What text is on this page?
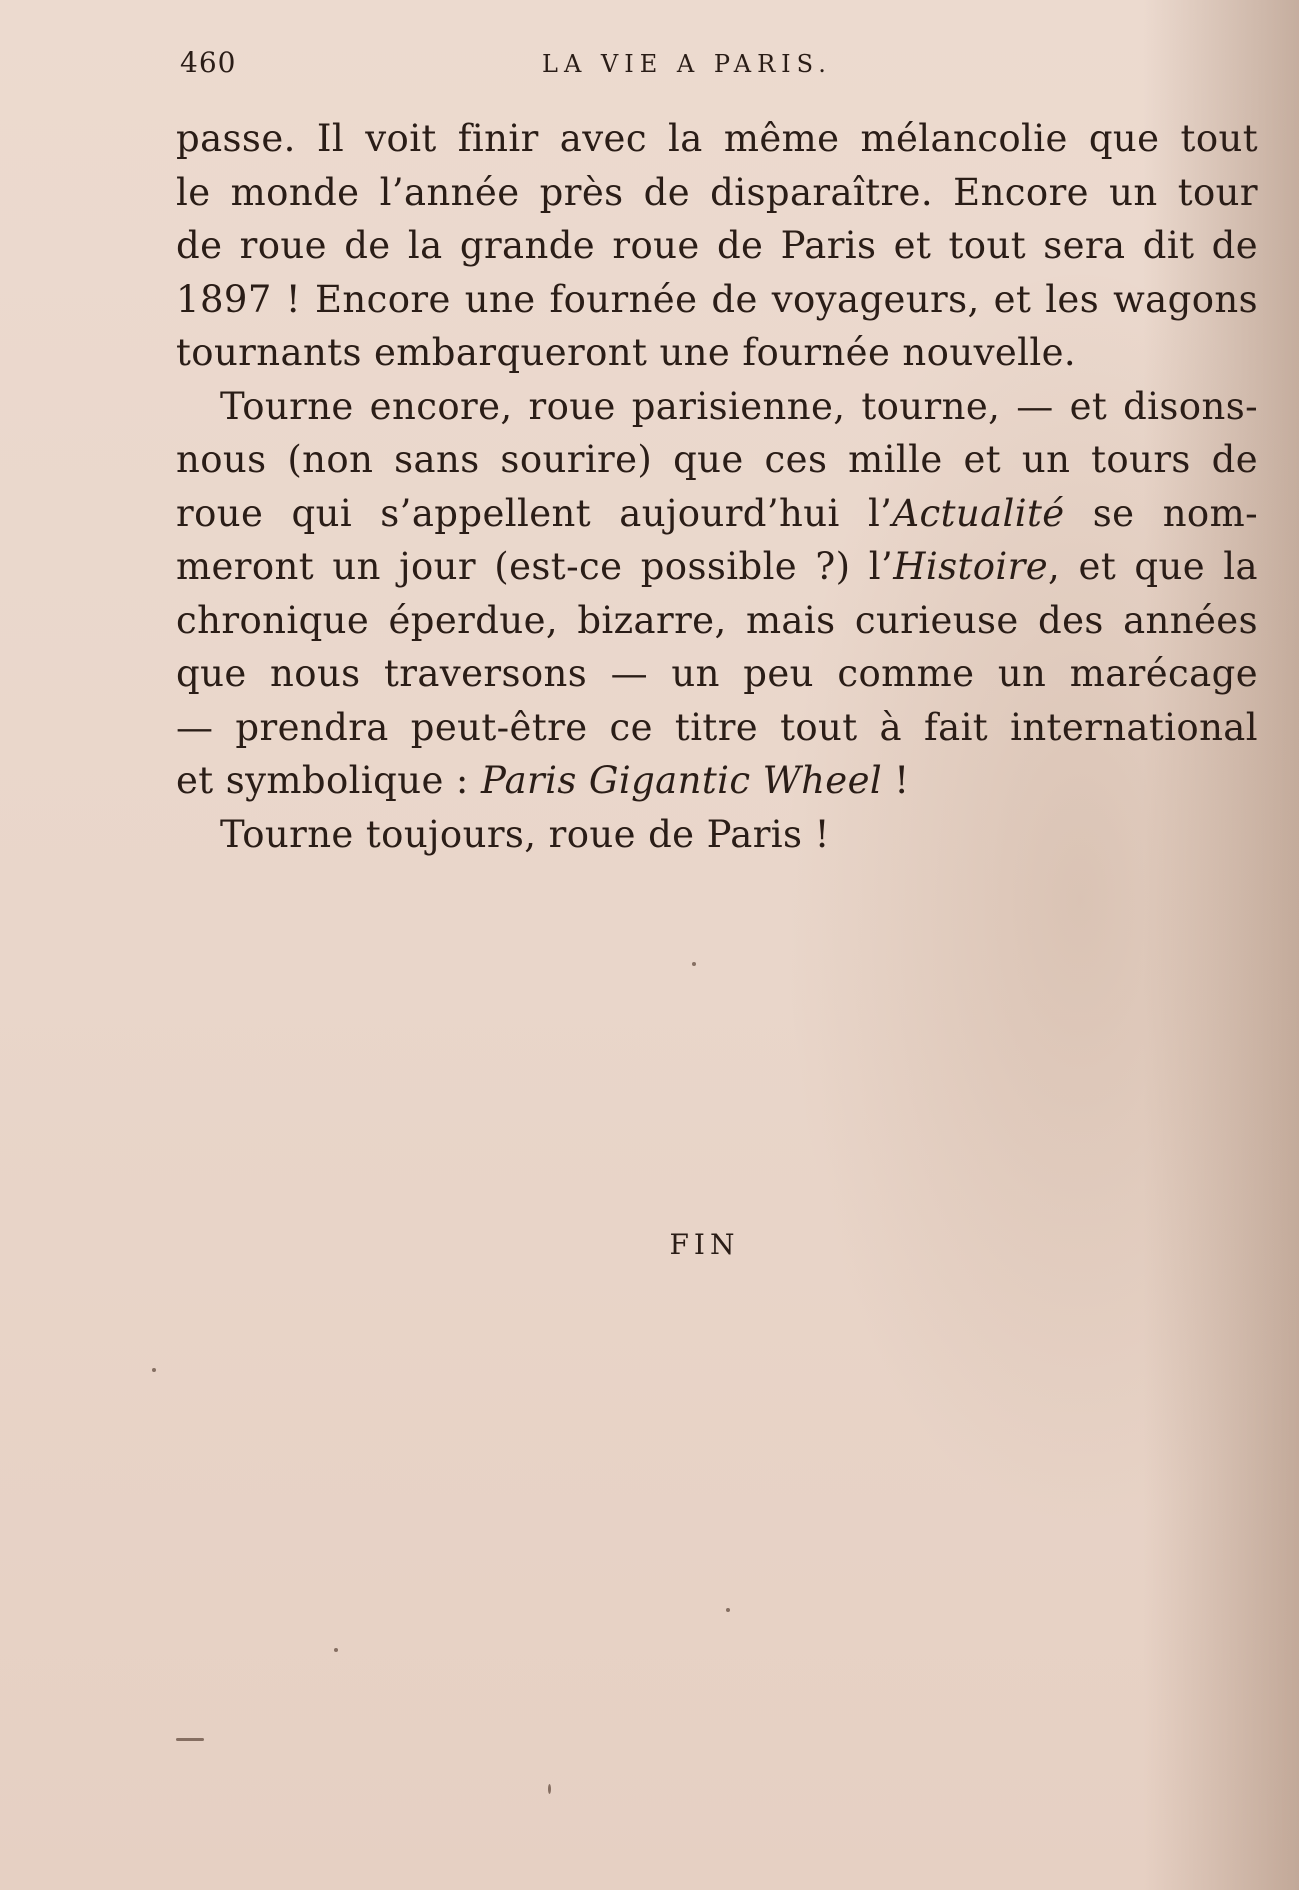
460	LA VIE A PARIS.
passe. Il voit finir avec la même mélancolie que tout
le monde l’année près de disparaître. Encore un tour
de roue de la grande roue de Paris et tout sera dit de
1897 ! Encore une fournée de voyageurs, et les wagons
tournants embarqueront une fournée nouvelle.
Tourne encore, roue parisienne, tourne, — et disons-
nous (non sans sourire) que ces mille et un tours de
roue qui s’appellent aujourd’hui l’Actualité se nom-
meront un jour (est-ce possible ?) l’Histoire, et que la
chronique éperdue, bizarre, mais curieuse des années
que nous traversons — un peu comme un marécage
— prendra peut-être ce titre tout à fait international
et symbolique : Paris Gigantic Wheel !
Tourne toujours, roue de Paris !
FIN
